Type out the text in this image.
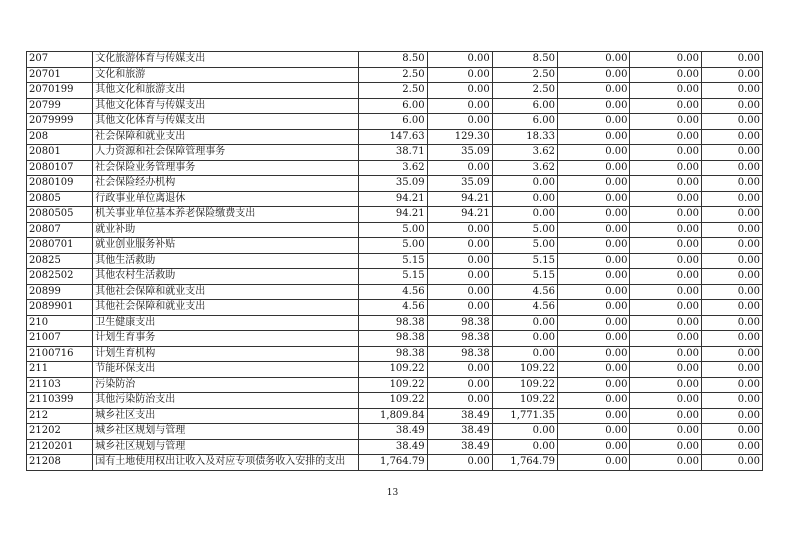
207	文化旅游体育与传媒支出	8.50	0.00	8.50	0.00	0.00	0.00
20701	文化和旅游	2.50	0.00	2.50	0.00	0.00	0.00
2070199	其他文化和旅游支出	2.50	0.00	2.50	0.00	0.00	0.00
20799	其他文化体育与传媒支出	6.00	0.00	6.00	0.00	0.00	0.00
2079999	其他文化体育与传媒支出	6.00	0.00	6.00	0.00	0.00	0.00
208	社会保障和就业支出	147.63	129.30	18.33	0.00	0.00	0.00
20801	人力资源和社会保障管理事务	38.71	35.09	3.62	0.00	0.00	0.00
2080107	社会保险业务管理事务	3.62	0.00	3.62	0.00	0.00	0.00
2080109	社会保险经办机构	35.09	35.09	0.00	0.00	0.00	0.00
20805	行政事业单位离退休	94.21	94.21	0.00	0.00	0.00	0.00
2080505	机关事业单位基本养老保险缴费支出	94.21	94.21	0.00	0.00	0.00	0.00
20807	就业补助	5.00	0.00	5.00	0.00	0.00	0.00
2080701	就业创业服务补贴	5.00	0.00	5.00	0.00	0.00	0.00
20825	其他生活救助	5.15	0.00	5.15	0.00	0.00	0.00
2082502	其他农村生活救助	5.15	0.00	5.15	0.00	0.00	0.00
20899	其他社会保障和就业支出	4.56	0.00	4.56	0.00	0.00	0.00
2089901	其他社会保障和就业支出	4.56	0.00	4.56	0.00	0.00	0.00
210	卫生健康支出	98.38	98.38	0.00	0.00	0.00	0.00
21007	计划生育事务	98.38	98.38	0.00	0.00	0.00	0.00
2100716	计划生育机构	98.38	98.38	0.00	0.00	0.00	0.00
211	节能环保支出	109.22	0.00	109.22	0.00	0.00	0.00
21103	污染防治	109.22	0.00	109.22	0.00	0.00	0.00
2110399	其他污染防治支出	109.22	0.00	109.22	0.00	0.00	0.00
212	城乡社区支出	1,809.84	38.49	1,771.35	0.00	0.00	0.00
21202	城乡社区规划与管理	38.49	38.49	0.00	0.00	0.00	0.00
2120201	城乡社区规划与管理	38.49	38.49	0.00	0.00	0.00	0.00
21208	国有土地使用权出让收入及对应专项债务收入安排的支出	1,764.79	0.00	1,764.79	0.00	0.00	0.00
13
